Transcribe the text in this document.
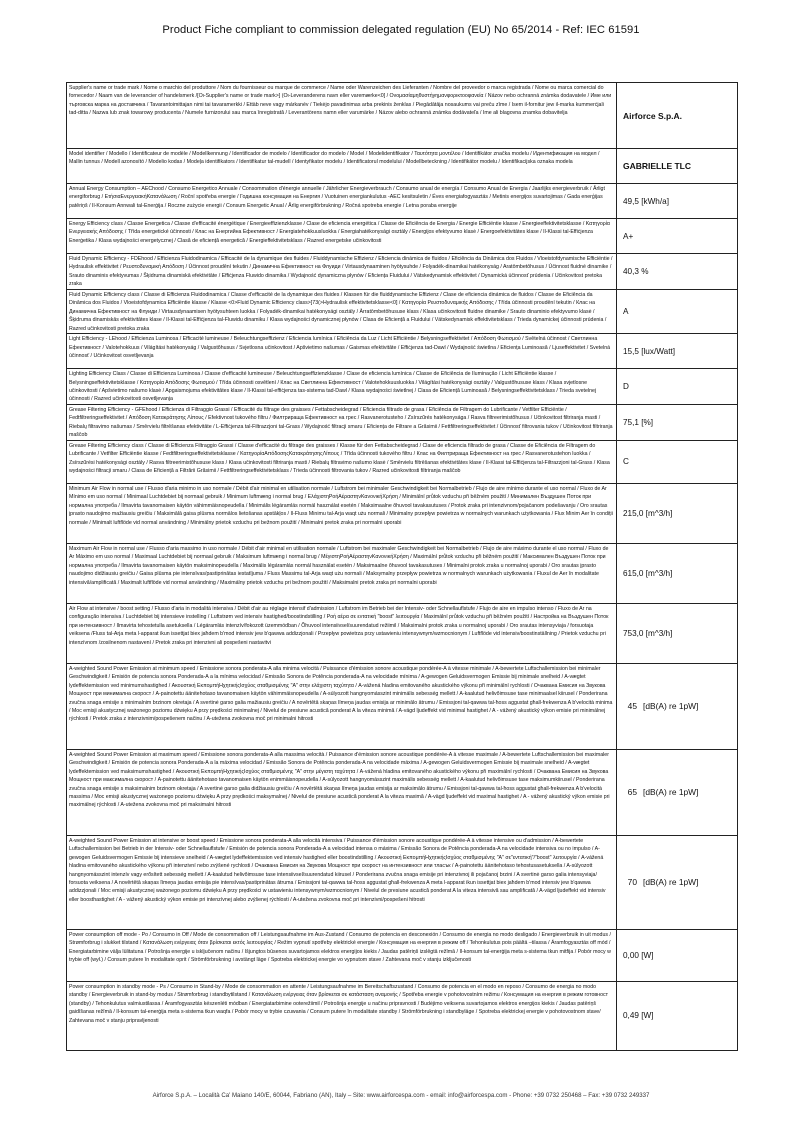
Product Fiche compliant to commission delegated regulation (EU) No 65/2014 - Ref: IEC 61591
Supplier's name or trade mark / Nome o marchio del produttore / Nom du fournisseur ou marque de commerce / Name oder Warenzeichen des Lieferanten / Nombre del proveedor o marca registrada / Nome ou marca comercial do fornecedor / Naam van de leverancier of handelsmerk /[Οι-Supplier's name or trade mark>] (Οι-Leveranderens navn eller varemærke<0] / Ονομασίαμηθυστήγημανφορικτοοφανεία / Názov nebo ochranná známka dodavatele / Име или търговска марка на доставчика / Tavarantoimittajan nimi tai tavaramerkki / Ettäb neve vagy márkanév / Tiekėjo pavadinimas arba prekinis ženklas / Piegādātāja nosaukums vai preču zīme / Isem il-fornitur jew il-marka kummerċjali tad-ditta / Nazwa lub znak towarowy producenta / Numele furnizorului sau marca înregistrată / Leverantörens namn eller varumärke / Názov alebo ochranná známka dodávateľa / Ime ali blagovna znamka dobavitelja	Airforce S.p.A.
Model identifier / Modello / Identificateur de modèle / Modellkennung / Identificador de modelo / Identificador do modelo / Model / Modelidentifikator / Ταυτότητα μοντέλου / Identifikátor značka modelu / Идентификация на модел / Mallin tunnus / Modell azonosító / Modelio kodas / Modeļa identifikators / Identifikatur tal-mudell / Identyfikator modelu / Identificatorul modelului / Modellbeteckning / Identifikátor modelu / Identifikacijska oznaka modela	GABRIELLE TLC
Annual Energy Consumption – AEChood / Consumo Energetico Annuale / Consommation d'énergie annuelle / Jährlicher Energieverbrauch / Consumo anual de energía / Consumo Anual de Energia / Jaarlijks energieverbruik / Årligt energiforbrug / ΕτήσιαΕνεργειακήΚατανάλωση / Roční spotřeba energie / Годишна консумация на Енергия / Vuotuinen energiankulutus -AEC kesitsuletin / Éves energiafogyasztás / Metinis energijos suvartojimas / Gada enerģijas patēriņš / Il-Konsum Annwali tal-Enerġija / Roczne zużycie energii / Consum Energetic Anual / Årlig energiförbrukning / Ročná spotreba energie / Letna poraba energije	49,5 [kWh/a]
Energy Efficiency class / Classe Energetica / Classe d'efficacité énergétique / Energieeffizienzklasse / Clase de eficiencia energética / Classe de Eficiência de Energia / Energie Efficiëntie klasse / Energieeffektivitetsklasse / Κατηγορία Ενεργειακής Απόδοσης / Třída energetické účinnosti / Клас на Енергийна Ефективност / Energiatehokkuusluokka / Energiahatékonysági osztály / Energijos efektyvumo klasė / Energoefektivitātes klase / Il-Klassi tal-Effiċjenza Enerġetika / Klasa wydajności energetycznej / Clasă de eficiență energetică / Energieffektivitetsklass / Razred energetske učinkovitosti	A+
Fluid Dynamic Efficiency - FDEhood / Efficienza Fluidodinamica / Efficacité de la dynamique des fluides / Fluiddynamische Effizienz / Eficiencia dinámica de fluidos / Eficiência da Dinâmica dos Fluidos / Vloeistofdynamische Efficiëntie / Hydraulisk effektivitet / Ρευστοδυναμική Απόδοση / Účinnost proudění tekutin / Динамична Ефективност на Флуиди / Virtausdynaaminen hyötysuhde / Folyadék-dinamikai hatékonyság / Aratōmbetōhusus / Účinnost fluidné dinamike / Srauto dinaminis efektyvumas / Šķidruma dinamiskā efektivitāte / Effiċjenza Fluwido dinamika / Wydajność dynamiczna płynów / Eficiența Fluidului / Vätskedynamisk effektivitet / Dynamická účinnosť prúdenia / Učinkovitost pretoka zraka	40,3 %
Fluid Dynamic Efficiency class / Classe di Efficienza Fluidodinamica / Classe d'efficacité de la dynamique des fluides / Klassen für die fluiddynamische Effizienz / Clase de eficiencia dinámica de fluidos / Classe de Eficiência da Dinâmica dos Fluidos / Vloeistofdynamica Efficiëntie klasse / Klasse <0>Fluid Dynamic Efficiency class>]73(>Hydraulisk effektivitetsklasse<0] / Κατηγορία Ρευστοδυναμικής Απόδοσης / Třída účinnosti proudění tekutin / Клас на Динамична Ефективност на Флуиди / Virtausdynaamisen hyötysuhteen luokka / Folyadék-dinamikai hatékonysági osztály / Ārratōmbetōhususe klass / Klasa učinkovitosti fluidne dinamike / Srauto dinaminio efektyvumo klasė / Šķidruma dinamiskās efektivitātes klase / Il-Klassi tal-Effiċjenza tal-Fluwidu dinamiku / Klasa wydajności dynamicznej płynów / Clasa de Eficiență a Fluidului / Vätskedynamisk effektivitetsklass / Trieda dynamickej účinnosti prúdenia / Razred učinkovitosti pretoka zraka	A
Light Efficiency - LEhood / Efficienza Luminosa / Efficacité lumineuse / Beleuchtungseffizienz / Eficiencia lumínica / Eficiência da Luz / Licht Efficiëntie / Belysningseffektivitet / Απόδοση Φωτισμού / Světelná účinnost / Светлинна Ефективност / Valotehokkuus / Világítási hatékonyság / Valgustõhusus / Svjetlosna učinkovitost / Apšvietimo našumas / Gaismas efektivitāte / Effiċjenza tad-Dawl / Wydajność świetlna / Eficiența Luminoasă / Ljuseffektivitet / Svetelná účinnosť / Učinkovitost osvetljevanja	15,5 [lux/Watt]
Lighting Efficiency Class / Classe di Efficienza Luminosa / Classe d'efficacité lumineuse / Beleuchtungseffizienzklasse / Clase de eficiencia lumínica / Classe de Eficiência de Iluminação / Licht Efficiëntie klasse / Belysningseffektivitetsklasse / Κατηγορία Απόδοσης Φωτισμού / Třída účinnosti osvětlení / Клас на Светлинна Ефективност / Valotehokkuusluokka / Világítási hatékonysági osztály / Valgustõhususe klass / Klasa svjetlosne učinkovitosti / Apšvietimo našumo klasė / Apgaismojuma efektivitātes klase / Il-Klassi tal-effiċjenza tas-sistema tad-Dawl / Klasa wydajności świetlnej / Clasa de Eficiență Luminoasă / Belysningseffektivitetsklass / Trieda svetelnej účinnosti / Razred učinkovitosti osvetljevanja	D
Grease Filtering Efficiency - GFEhood / Efficienza di Filtraggio Grassi / Efficacité du filtrage des graisses / Fettabscheidegrad / Eficiencia filtrado de grasa / Eficiência de Filtragem do Lubrificante / Vetfilter Efficiëntie / Fedtfiltreringseffektivitet / Απόδοση Κατακράτησης Λίπους / Efektivnost tukového filtru / Филтрираща Ефективност на грес / Rasvanerotusteho / Zsírszűrés hatékonysága / Rasva filtreerimistõhusus / Učinkovitost filtriranja masti / Riebalų filtravimo našumas / Smērvielu filtrēšanas efektivitāte / L-Effiċjenza tal-Filtrazzjoni tal-Grass / Wydajność filtracji smaru / Eficiența de Filtrare a Grăsimii / Fettfiltreringseffektivitet / Účinnosť filtrovania tukov / Učinkovitost filtriranja maščob	75,1 [%]
Grease Filtering Efficiency class / Classe di Efficienza Filtraggio Grassi / Classe d'efficacité du filtrage des graisses / Klasse für den Fettabscheidegrad / Clase de eficiencia filtrado de grasa / Classe de Eficiência de Filtragem do Lubrificante / Vetfilter Efficiëntie klasse / Fedtfiltreringseffektivitetsklasse / ΚατηγορίαΑπόδοσηςΚατακράτησηςΛίπους / Třída účinnosti tukového filtru / Клас на Филтрираща Ефективност на грес / Rasvanerotustehon luokka / Zsírszűrési hatékonysági osztály / Rasva filtreerimistõhususe klass / Klasa učinkovitosti filtriranja masti / Riebalų filtravimo našumo klasė / Smērvielu filtrēšanas efektivitātes klase / Il-Klassi tal-Effiċjenza tal-Filtrazzjoni tal-Grass / Klasa wydajności filtracji smaru / Clasa de Eficiență a Filtrării Grăsimii / Fettfiltreringseffektivitetsklass / Trieda účinnosti filtrovania tukov / Razred učinkovitosti filtriranja maščob	C
Minimum Air Flow in normal use / Flusso d'aria minimo in uso normale / Débit d'air minimal en utilisation normale / Luftstrom bei minimaler Geschwindigkeit bei Normalbetrieb / Flujo de aire mínimo durante el uso normal / Fluxo de Ar Mínimo em uso normal / Minimaal Luchtdebiet bij normaal gebruik / Minimum luftmæng i normal brug / ΕλάχιστηΡοήΑέραστηνΚανονικήΧρήση / Minimální průtok vzduchu při běžném použití / Минимален Въздушен Поток при нормална употреба / Ilmavirta tavanomaisen käytön vähimmäisnopeudella / Minimális légáramlás normál használat esetén / Maksimaalne õhuvool tavakasutuses / Protok zraka pri intenzivnom/pojačanom podešavanju / Oro srautas įprasto naudojimo mažiausiu greičiu / Maksimālā gaisa plūsma normālos lietošanas apstākļos / Il-Fluss Minimu tal-Arja waqt użu normali / Minimalny przepływ powietrza w normalnych warunkach użytkowania / Flux Minim Aer în condiții normale / Minimalt luftflöde vid normal användning / Minimálny prietok vzduchu pri bežnom použití / Minimalni pretok zraka pri normalni uporabi	215,0 [m^3/h]
Maximum Air Flow in normal use / Flusso d'aria massimo in uso normale / Débit d'air minimal en utilisation normale / Luftstrom bei maximaler Geschwindigkeit bei Normalbetrieb / Flujo de aire máximo durante el uso normal / Fluxo de Ar Máximo em uso normal / Maximaal Luchtdebiet bij normaal gebruik / Maksimum luftmæng i normal brug / ΜέγιστηΡοήΑέραστηνΚανονικήΧρήση / Maximální průtok vzduchu při běžném použití / Максимален Въздушен Поток при нормална употреба / Ilmavirta tavanomaisen käytön maksiminopeudella / Maximális légáramlás normál használat esetén / Maksimaalne õhuvool tavakasutuses / Minimalni protok zraka u normalnoj uporabi / Oro srautas įprasto naudojimo didžiausiu greičiu / Gaisa plūsma pie intensīvas/pastiprinātas iestatījuma / Fluss Massimu tal-Arja waqt użu normali / Maksymalny przepływ powietrza w normalnych warunkach użytkowania / Fluxul de Aer în modalitate intensivă/amplificată / Maximalt luftflöde vid normal användning / Maximálny prietok vzduchu pri bežnom použití / Maksimalni pretok zraka pri normalni uporabi	615,0 [m^3/h]
Air Flow at intensive / boost setting / Flusso d'aria in modalità intensiva / Débit d'air au réglage intensif d'admission / Luftstrom im Betrieb bei der Intensiv- oder Schnellauflstufe / Flujo de aire en impulso intenso / Fluxo de Ar na configuração intensiva / Luchtdebiet bij intensieve instelling / Luftstrøm ved intensiv hastighed/boostindstilling / Ροή αέρα σε εντατική "boost" λειτουργία / Maximální průtok vzduchu při běžném použití / Настройка на Въздушен Поток при интензивност / Ilmavirta tehostetulla asetuksella / Légáramlás intenzív/fokozott üzemmódban / Õhuvool intensiivsel/suurendatud režiimil / Maksimalni protok zraka u normalnoj uporabi / Oro srautas intensyviaja / forsuotaja veiksena /Fluss tal-Arja meta l-apparat ikun issettjat biex jaħdem b'mod intensiv jew b'qawwa addizzjonali / Przepływ powietrza przy ustawieniu intensywnym/wzmocnionym / Luftflöde vid intensiv/boostinställning / Prietok vzduchu pri intenzívnom /zosilnenom nastavení / Pretok zraka pri intenzivni ali pospešeni nastavitvi	753,0 [m^3/h]
A-weighted Sound Power Emission at minimum speed / Emissione sonora ponderata-A alla minima velocità / Puissance d'émission sonore acoustique pondérée-A à vitesse minimale / A-bewertete Luftschallemission bei minimaler Geschwindigkeit / Emisión de potencia sonora Ponderada-A a la mínima velocidad / Emissão Sonora de Potência ponderada-A na velocidade mínima / A-gewogen Geluidsvermogen Emissie bij minimale snelheid / A-vægtet lydeffektemission ved minimumshastighed / Ακουστική ΕκπομπήΗχητικήςΙσχύος σταθμισμένης "Α" στην ελάχιστη ταχύτητα / A-vážená hladina emitovaného akustického výkonu při minimální rychlosti / Очаквана Емисия на Звукова Мощност при минимална скорост / A-painotettu äänitehotaso tavanomaisen käytön vähimmäisnopeudella / A-súlyozott hangnyomásszint minimális sebesség mellett / A-kaalutud helivõimsuse tase minimaalsel kiirusel / Ponderirana zvučna snaga emisije s minimalnim brzinom okretaja / A svertinė garso galia mažiausiu greičiu / A novērtētā skaņas līmeņa jaudas emisija ar minimālo ātrumu / Emissjoni tal-qawwa tal-ħoss aggustat għall-frekwenza A b'velocità minima / Moc emisji akustycznej ważonego poziomu dźwięku A przy prędkości minimalnej / Nivelul de presiune acustică ponderat A la viteza minimă / A-vägd ljudeffekt vid minimal hastighet / A - vážený akustický výkon emisie pri minimálnej rýchlosti / Pretok zraka z intenzivnim/pospešenem načinu / A-utežena zvokovna moč pri minimalni hitrosti	45 [dB(A) re 1pW]

A-weighted Sound Power Emission at maximum speed / Emissione sonora ponderata-A alla massima velocità / Puissance d'émission sonore acoustique pondérée-A à vitesse maximale / A-bewertete Luftschallemission bei maximaler Geschwindigkeit / Emisión de potencia sonora Ponderada-A a la máxima velocidad / Emissão Sonora de Potência ponderada-A na velocidade máxima / A-gewogen Geluidsvermogen Emissie bij maximale snelheid / A-vægtet lydeffektemission ved maksimumshastighed / Ακουστική ΕκπομπήΗχητικήςΙσχύος σταθμισμένης "Α" στην μέγιστη ταχύτητα / A-vážená hladina emitovaného akustického výkonu při maximální rychlosti / Очаквана Емисия на Звукова Мощност при максимална скорост / A-painotettu äänitehotaso tavanomaisen käytön enimmäisnopeudella / A-súlyozott hangnyomásszint maximális sebesség mellett / A-kaalutud helivõimsuse tase maksimumkiirusel / Ponderirana zvučna snaga emisije s maksimalnim brzinom okretaja / A svertinė garso galia didžiausiu greičiu / A novērtētā skaņas līmeņa jaudas emisija ar maksimālo ātrumu / Emissjoni tal-qawwa tal-ħoss aggustat għall-frekwenza A b'velocità massima / Moc emisji akustycznej ważonego poziomu dźwięku A przy prędkości maksymalnej / Nivelul de presiune acustică ponderat A la viteza maximă / A-vägd ljudeffekt vid maximal hastighet / A - vážený akustický výkon emisie pri maximálnej rýchlosti / A-utežena zvokovna moč pri maksimalni hitrosti	65 [dB(A) re 1pW]

A-weighted Sound Power Emission at intensive or boost speed / Emissione sonora ponderata-A alla velocità intensiva / Puissance d'émission sonore acoustique pondérée-A à vitesse intensive ou d'admission / A-bewertete Luftschallemission bei Betrieb in der Intensiv- oder Schnellauflstufe / Emisión de potencia sonora Ponderada-A a velocidad intensa o máxima / Emissão Sonora de Potência ponderada-A na velocidade intensiva ou no impulso / A-gewogen Geluidsvermogen Emissie bij intensieve snelheid / A-vægtet lydeffektemission ved intensiv hastighed eller boostindstilling / Ακουστική ΕκπομπήΗχητικήςΙσχύος σταθμισμένης "Α" σε"εντατική"/"boost" λειτουργία / A-vážená hladina emitovaného akustického výkonu při intenzivní nebo zvýšené rychlosti / Очаквана Емисия на Звукова Мощност при скорост на интензивност или тласък / A-painotettu äänitehotaso tehostusasetuksella / A-súlyozott hangnyomásszint intenzív vagy erősített sebesség mellett / A-kaalutud helivõimsuse tase intensiivsel/suurendatud kiirusel / Ponderirana zvučna snaga emisije pri intenzivnoj ili pojačanoj brzini / A svertinė garso galia intensyviaja/ forsuota veiksena / A novērtētā skaņas līmeņa jaudas emisija pie intensīvas/pastiprinātas ātruma / Emissjoni tal-qawwa tal-ħoss aggustat għall-frekwenza A meta l-apparat ikun issettjat biex jaħdem b'mod intensiv jew b'qawwa addizzjonali / Moc emisji akustycznej ważonego poziomu dźwięku A przy prędkości w ustawieniu intensywnym/wzmocnionym / Nivelul de presiune acustică ponderat A la viteza intensivă sau amplificată / A-vägd ljudeffekt vid intensiv eller boosthastighet / A - vážený akustický výkon emisie pri intenzívnej alebo zvýšenej rýchlosti / A-utežena zvokovna moč pri intenzivni/pospešeni hitrosti	70 [dB(A) re 1pW]

Power consumption off mode - Po / Consumo in Off / Mode de consommation off / Leistungsaufnahme im Aus-Zustand / Consumo de potencia en desconexión / Consumo de energia no modo desligado / Energieverbruik in uit modus / Strømforbrug i slukket tilstand / Κατανάλωση ενέργειας όταν βρίσκεται εκτός λειτουργίας / Režim vypnutí spotřeby elektrické energie / Консумация на енергия в режим off / Tehonkulutus pois päältä –tilassa / Áramfogyasztás off mód / Energiatarbimine välja lülitatuna / Potrošnja energije u isključenom načinu / Išjungtos būsenos suvartojamos elektros energijos kiekis / Jaudas patēriņš izslēgtā režīmā / Il-konsum tal-enerġija meta s-sistema tkun mitfija / Pobór mocy w trybie off (wył.) / Consum putere în modalitate oprit / Strömförbrukning i avstängt läge / Spotreba elektrickej energie vo vypnutom stave / Zahtevana moč v stanju izključenosti	0,00 [W]
Power consumption in standby mode - Ps / Consumo in Stand-by / Mode de consommation en attente / Leistungsaufnahme im Bereitschaftszustand / Consumo de potencia en el modo en reposo / Consumo de energia no modo standby / Energieverbruik in stand-by modus / Strømforbrug i standbytilstand / Κατανάλωση ενέργειας όταν βρίσκεται σε κατάσταση αναμονής / Spotřeba energie v pohotovostním režimu / Консумация на енергия в режим готовност (standby) / Tehonkulutus valmiustilassa / Áramfogyasztás készenléti módban / Energiatarbimine ooterežiimil / Potrošnja energije u načinu pripravnosti / Budėjimo veiksena suvartojamos elektros energijos kiekis / Jaudas patēriņš gaidīšanas režīmā / Il-konsum tal-enerġija meta s-sistema tkun waqfa / Pobór mocy w trybie czuwania / Consum putere în modalitate standby / Strömförbrukning i standbyläge / Spotreba elektrickej energie v pohotovostnom stave/ Zahtevana moč v stanju pripravljenosti	0,49 [W]
Airforce S.p.A. – Località Ca' Maiano 140/E, 60044, Fabriano (AN), Italy – Site: www.airforcespa.com - email: info@airforcespa.com - Phone: +39 0732 250468 – Fax: +39 0732 249337
